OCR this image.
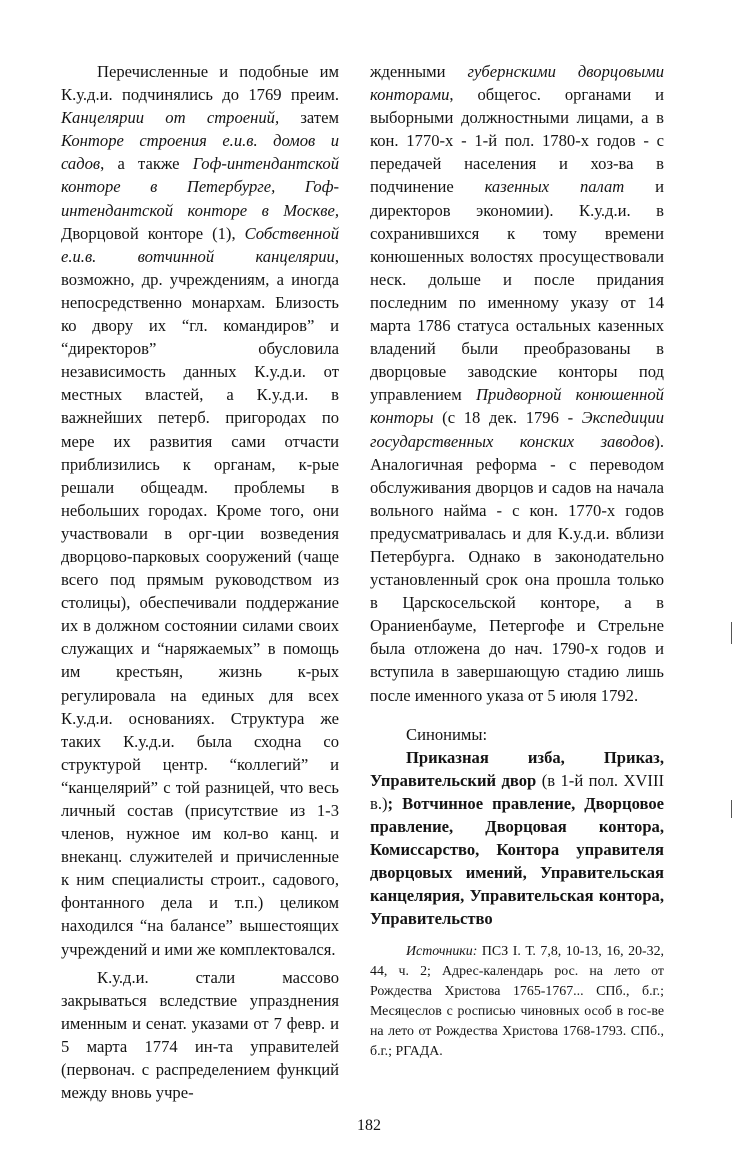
Перечисленные и подобные им К.у.д.и. подчинялись до 1769 преим. Канцелярии от строений, затем Конторе строения е.и.в. домов и садов, а также Гоф-интендантской конторе в Петербурге, Гоф-интендантской конторе в Москве, Дворцовой конторе (1), Собственной е.и.в. вотчинной канцелярии, возможно, др. учреждениям, а иногда непосредственно монархам. Близость ко двору их “гл. командиров” и “директоров” обусловила независимость данных К.у.д.и. от местных властей, а К.у.д.и. в важнейших петерб. пригородах по мере их развития сами отчасти приблизились к органам, к-рые решали общеадм. проблемы в небольших городах. Кроме того, они участвовали в орг-ции возведения дворцово-парковых сооружений (чаще всего под прямым руководством из столицы), обеспечивали поддержание их в должном состоянии силами своих служащих и “наряжаемых” в помощь им крестьян, жизнь к-рых регулировала на единых для всех К.у.д.и. основаниях. Структура же таких К.у.д.и. была сходна со структурой центр. “коллегий” и “канцелярий” с той разницей, что весь личный состав (присутствие из 1-3 членов, нужное им кол-во канц. и внеканц. служителей и причисленные к ним специалисты строит., садового, фонтанного дела и т.п.) целиком находился “на балансе” вышестоящих учреждений и ими же комплектовался.

К.у.д.и. стали массово закрываться вследствие упразднения именным и сенат. указами от 7 февр. и 5 марта 1774 ин-та управителей (первонач. с распределением функций между вновь учре-

жденными губернскими дворцовыми конторами, общегос. органами и выборными должностными лицами, а в кон. 1770-х - 1-й пол. 1780-х годов - с передачей населения и хоз-ва в подчинение казенных палат и директоров экономии). К.у.д.и. в сохранившихся к тому времени конюшенных волостях просуществовали неск. дольше и после придания последним по именному указу от 14 марта 1786 статуса остальных казенных владений были преобразованы в дворцовые заводские конторы под управлением Придворной конюшенной конторы (с 18 дек. 1796 - Экспедиции государственных конских заводов). Аналогичная реформа - с переводом обслуживания дворцов и садов на начала вольного найма - с кон. 1770-х годов предусматривалась и для К.у.д.и. вблизи Петербурга. Однако в законодательно установленный срок она прошла только в Царскосельской конторе, а в Ораниенбауме, Петергофе и Стрельне была отложена до нач. 1790-х годов и вступила в завершающую стадию лишь после именного указа от 5 июля 1792.

Синонимы:

Приказная изба, Приказ, Управительский двор (в 1-й пол. XVIII в.); Вотчинное правление, Дворцовое правление, Дворцовая контора, Комиссарство, Контора управителя дворцовых имений, Управительская канцелярия, Управительская контора, Управительство

Источники: ПСЗ I. Т. 7,8, 10-13, 16, 20-32, 44, ч. 2; Адрес-календарь рос. на лето от Рождества Христова 1765-1767... СПб., б.г.; Месяцеслов с росписью чиновных особ в гос-ве на лето от Рождества Христова 1768-1793. СПб., б.г.; РГАДА.

182
